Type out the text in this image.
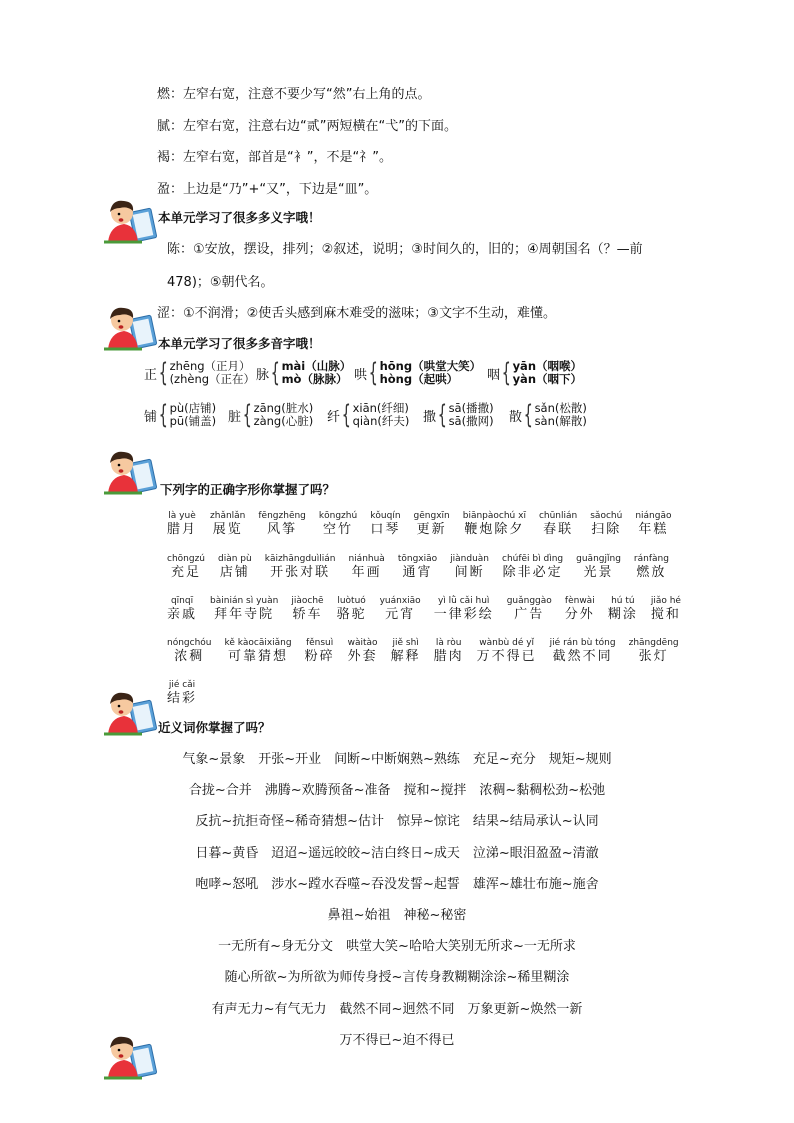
燃：左窄右宽，注意不要少写“然”右上角的点。
腻：左窄右宽，注意右边“贰”两短横在“弋”的下面。
褐：左窄右宽，部首是“衤”，不是“礻”。
盈：上边是“乃”+“又”，下边是“皿”。
本单元学习了很多多义字哦！
陈：①安放，摆设，排列；②叙述，说明；③时间久的，旧的；④周朝国名（？—前
478)；⑤朝代名。
涩：①不润滑；②使舌头感到麻木难受的滋味；③文字不生动，难懂。
本单元学习了很多多音字哦！
正 { zhēng（正月）
(zhèng（正在） 脉 { mài（山脉）
mò（脉脉） 哄 { hōng（哄堂大笑）
hòng（起哄）	咽 { yān（咽喉）
yàn（咽下）
铺 { pù(店铺)
pū(铺盖) 脏 { zāng(脏水)
zàng(心脏) 纤 { xiān(纤细)
qiàn(纤夫) 撒 { sā(播撒)
sā(撒网) 散 { sǎn(松散)
sàn(解散)
下列字的正确字形你掌握了吗？
là yuè
腊月
zhǎnlǎn
展览
fēngzhēng
风筝
kōngzhú
空竹
kǒuqín
口琴
gēngxīn
更新
biānpàochú xī
鞭炮除夕
chūnlián
春联
sǎochú
扫除
niángāo
年糕
chōngzú
充足
diàn pù
店铺
kāizhāngduìlián
开张对联
niánhuà
年画
tōngxiāo
通宵
jiànduàn
间断
chúfēi bì dìng
除非必定
guāngjǐng
光景
ránfàng
燃放
qīnqī
亲戚
bàinián sì yuàn
拜年寺院
jiàochē
轿车
luòtuó
骆驼
yuánxiāo
元宵
yì lǜ cǎi huì
一律彩绘
guǎnggào
广告
fènwài
分外
hú tú
糊涂
jiǎo hé
搅和
nóngchóu
浓稠
kě kàocāixiǎng
可靠猜想
fěnsuì
粉碎
wàitào
外套
jiě shì
解释
là ròu
腊肉
wànbù dé yǐ
万不得已
jié rán bù tóng
截然不同
zhāngdēng
张灯
jié cǎi
结彩
近义词你掌握了吗？
气象~景象　开张~开业　间断~中断娴熟~熟练　充足~充分　规矩~规则
合拢~合并　沸腾~欢腾预备~准备　搅和~搅拌　浓稠~黏稠松劲~松弛
反抗~抗拒奇怪~稀奇猜想~估计　惊异~惊诧　结果~结局承认~认同
日暮~黄昏　迢迢~遥远皎皎~洁白终日~成天　泣涕~眼泪盈盈~清澈
咆哮~怒吼　涉水~蹚水吞噬~吞没发誓~起誓　雄浑~雄壮布施~施舍
鼻祖~始祖　神秘~秘密
一无所有~身无分文　哄堂大笑~哈哈大笑别无所求~一无所求
随心所欲~为所欲为师传身授~言传身教糊糊涂涂~稀里糊涂
有声无力~有气无力　截然不同~迥然不同　万象更新~焕然一新
万不得已~迫不得已
